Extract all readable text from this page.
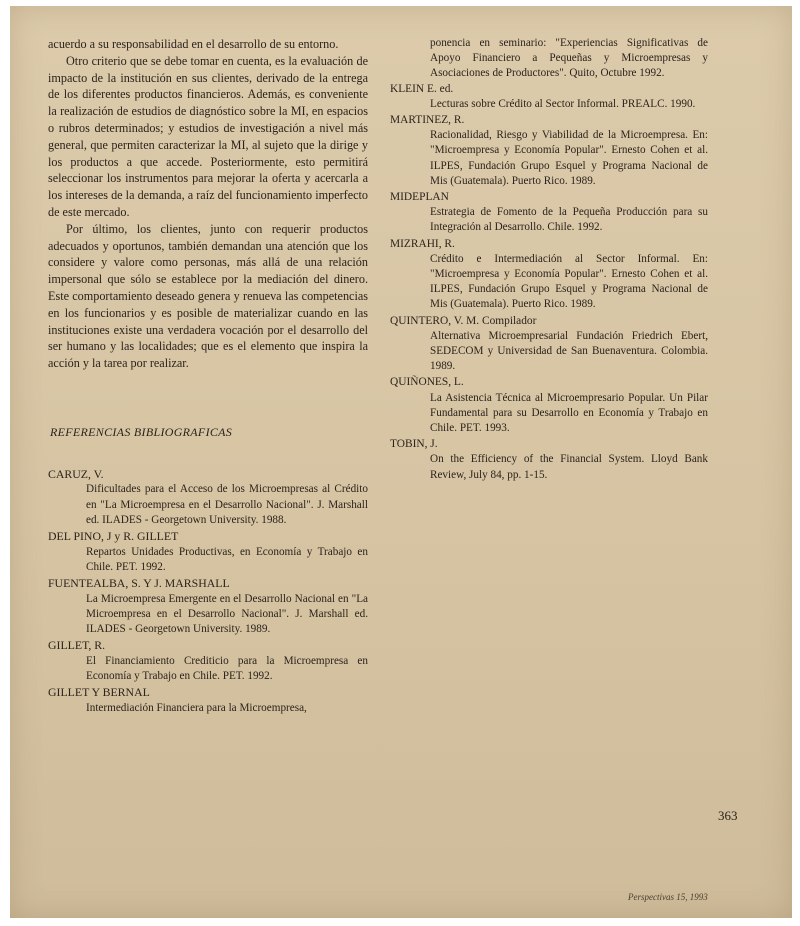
acuerdo a su responsabilidad en el desarrollo de su entorno.

Otro criterio que se debe tomar en cuenta, es la evaluación de impacto de la institución en sus clientes, derivado de la entrega de los diferentes productos financieros. Además, es conveniente la realización de estudios de diagnóstico sobre la MI, en espacios o rubros determinados; y estudios de investigación a nivel más general, que permiten caracterizar la MI, al sujeto que la dirige y los productos a que accede. Posteriormente, esto permitirá seleccionar los instrumentos para mejorar la oferta y acercarla a los intereses de la demanda, a raíz del funcionamiento imperfecto de este mercado.

Por último, los clientes, junto con requerir productos adecuados y oportunos, también demandan una atención que los considere y valore como personas, más allá de una relación impersonal que sólo se establece por la mediación del dinero. Este comportamiento deseado genera y renueva las competencias en los funcionarios y es posible de materializar cuando en las instituciones existe una verdadera vocación por el desarrollo del ser humano y las localidades; que es el elemento que inspira la acción y la tarea por realizar.

REFERENCIAS BIBLIOGRAFICAS

CARUZ, V.

Dificultades para el Acceso de los Microempresas al Crédito en "La Microempresa en el Desarrollo Nacional". J. Marshall ed. ILADES - Georgetown University. 1988.

DEL PINO, J y R. GILLET

Repartos Unidades Productivas, en Economía y Trabajo en Chile. PET. 1992.

FUENTEALBA, S. Y J. MARSHALL

La Microempresa Emergente en el Desarrollo Nacional en "La Microempresa en el Desarrollo Nacional". J. Marshall ed. ILADES - Georgetown University. 1989.

GILLET, R.

El Financiamiento Crediticio para la Microempresa en Economía y Trabajo en Chile. PET. 1992.

GILLET Y BERNAL

Intermediación Financiera para la Microempresa,

ponencia en seminario: "Experiencias Significativas de Apoyo Financiero a Pequeñas y Microempresas y Asociaciones de Productores". Quito, Octubre 1992.

KLEIN E. ed.

Lecturas sobre Crédito al Sector Informal. PREALC. 1990.

MARTINEZ, R.

Racionalidad, Riesgo y Viabilidad de la Microempresa. En: "Microempresa y Economía Popular". Ernesto Cohen et al. ILPES, Fundación Grupo Esquel y Programa Nacional de Mis (Guatemala). Puerto Rico. 1989.

MIDEPLAN

Estrategia de Fomento de la Pequeña Producción para su Integración al Desarrollo. Chile. 1992.

MIZRAHI, R.

Crédito e Intermediación al Sector Informal. En: "Microempresa y Economía Popular". Ernesto Cohen et al. ILPES, Fundación Grupo Esquel y Programa Nacional de Mis (Guatemala). Puerto Rico. 1989.

QUINTERO, V. M. Compilador

Alternativa Microempresarial Fundación Friedrich Ebert, SEDECOM y Universidad de San Buenaventura. Colombia. 1989.

QUIÑONES, L.

La Asistencia Técnica al Microempresario Popular. Un Pilar Fundamental para su Desarrollo en Economía y Trabajo en Chile. PET. 1993.

TOBIN, J.

On the Efficiency of the Financial System. Lloyd Bank Review, July 84, pp. 1-15.

363
Perspectivas 15, 1993
